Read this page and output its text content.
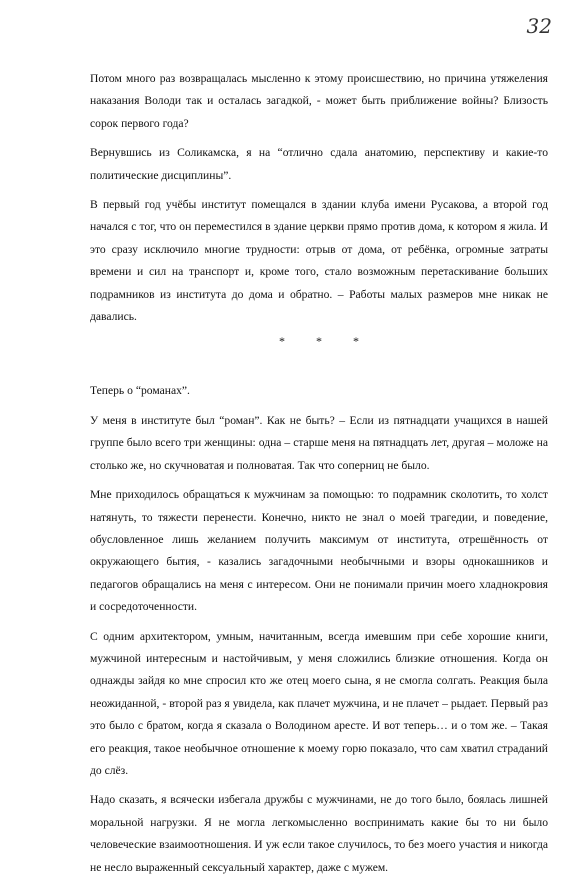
32

Потом много раз возвращалась мысленно к этому происшествию, но причина утяжеления наказания Володи так и осталась загадкой, - может быть приближение войны? Близость сорок первого года?

Вернувшись из Соликамска, я на “отлично сдала анатомию, перспективу и какие-то политические дисциплины”.

В первый год учёбы институт помещался в здании клуба имени Русакова, а второй год начался с тог, что он переместился в здание церкви прямо против дома, к котором я жила. И это сразу исключило многие трудности: отрыв от дома, от ребёнка, огромные затраты времени и сил на транспорт и, кроме того, стало возможным перетаскивание больших подрамников из института до дома и обратно. – Работы малых размеров мне никак не давались.

* * *

Теперь о “романах”.

У меня в институте был “роман”. Как не быть? – Если из пятнадцати учащихся в нашей группе было всего три женщины: одна – старше меня на пятнадцать лет, другая – моложе на столько же, но скучноватая и полноватая. Так что соперниц не было.

Мне приходилось обращаться к мужчинам за помощью: то подрамник сколотить, то холст натянуть, то тяжести перенести. Конечно, никто не знал о моей трагедии, и поведение, обусловленное лишь желанием получить максимум от института, отрешённость от окружающего бытия, - казались загадочными необычными и взоры однокашников и педагогов обращались на меня с интересом. Они не понимали причин моего хладнокровия и сосредоточенности.

С одним архитектором, умным, начитанным, всегда имевшим при себе хорошие книги, мужчиной интересным и настойчивым, у меня сложились близкие отношения. Когда он однажды зайдя ко мне спросил кто же отец моего сына, я не смогла солгать. Реакция была неожиданной, - второй раз я увидела, как плачет мужчина, и не плачет – рыдает. Первый раз это было с братом, когда я сказала о Володином аресте. И вот теперь… и о том же. – Такая его реакция, такое необычное отношение к моему горю показало, что сам хватил страданий до слёз.

Надо сказать, я всячески избегала дружбы с мужчинами, не до того было, боялась лишней моральной нагрузки. Я не могла легкомысленно воспринимать какие бы то ни было человеческие взаимоотношения. И уж если такое случилось, то без моего участия и никогда не несло выраженный сексуальный характер, даже с мужем.
